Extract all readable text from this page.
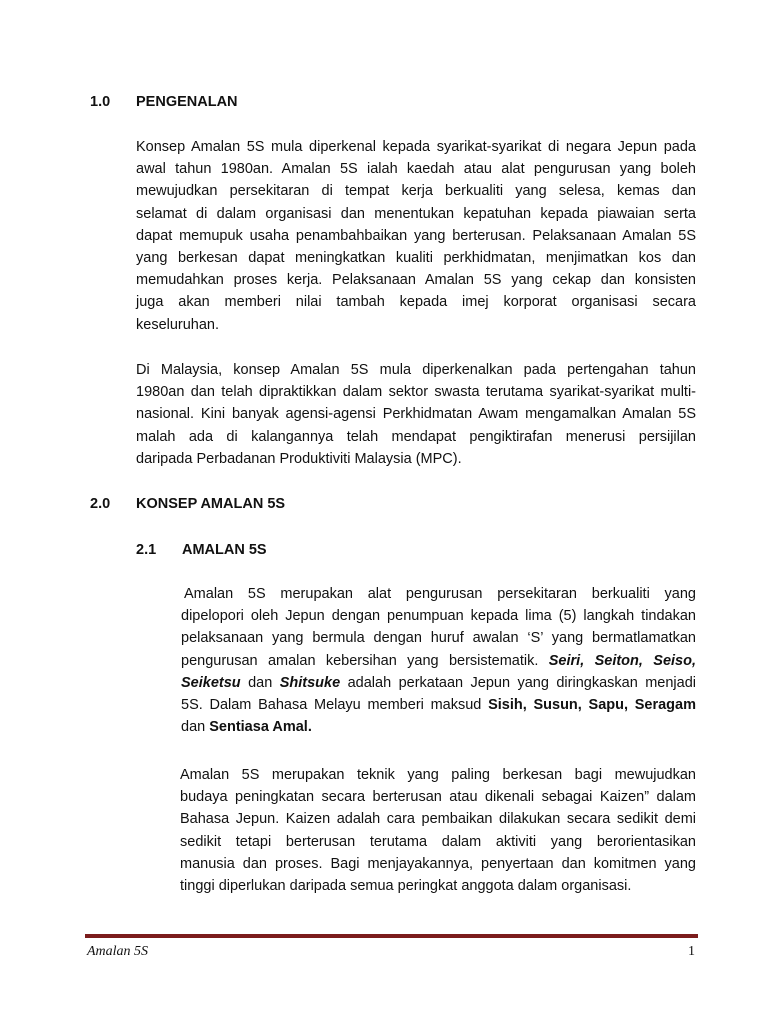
1.0 PENGENALAN
Konsep Amalan 5S mula diperkenal kepada syarikat-syarikat di negara Jepun pada
awal tahun 1980an. Amalan 5S ialah kaedah atau alat pengurusan yang boleh
mewujudkan persekitaran di tempat kerja berkualiti yang selesa, kemas dan
selamat di dalam organisasi dan menentukan kepatuhan kepada piawaian serta
dapat memupuk usaha penambahbaikan yang berterusan. Pelaksanaan Amalan 5S
yang berkesan dapat meningkatkan kualiti perkhidmatan, menjimatkan kos dan
memudahkan proses kerja. Pelaksanaan Amalan 5S yang cekap dan konsisten
juga akan memberi nilai tambah kepada imej korporat organisasi secara
keseluruhan.
Di Malaysia, konsep Amalan 5S mula diperkenalkan pada pertengahan tahun
1980an dan telah dipraktikkan dalam sektor swasta terutama syarikat-syarikat multi-
nasional. Kini banyak agensi-agensi Perkhidmatan Awam mengamalkan Amalan 5S
malah ada di kalangannya telah mendapat pengiktirafan menerusi persijilan
daripada Perbadanan Produktiviti Malaysia (MPC).
2.0 KONSEP AMALAN 5S
2.1 AMALAN 5S
Amalan 5S merupakan alat pengurusan persekitaran berkualiti yang
dipelopori oleh Jepun dengan penumpuan kepada lima (5) langkah tindakan
pelaksanaan yang bermula dengan huruf awalan ‘S’ yang bermatlamatkan
pengurusan amalan kebersihan yang bersistematik. Seiri, Seiton, Seiso,
Seiketsu dan Shitsuke adalah perkataan Jepun yang diringkaskan menjadi
5S. Dalam Bahasa Melayu memberi maksud Sisih, Susun, Sapu, Seragam
dan Sentiasa Amal.
Amalan 5S merupakan teknik yang paling berkesan bagi mewujudkan
budaya peningkatan secara berterusan atau dikenali sebagai Kaizen” dalam
Bahasa Jepun. Kaizen adalah cara pembaikan dilakukan secara sedikit demi
sedikit tetapi berterusan terutama dalam aktiviti yang berorientasikan
manusia dan proses. Bagi menjayakannya, penyertaan dan komitmen yang
tinggi diperlukan daripada semua peringkat anggota dalam organisasi.
Amalan 5S	1
